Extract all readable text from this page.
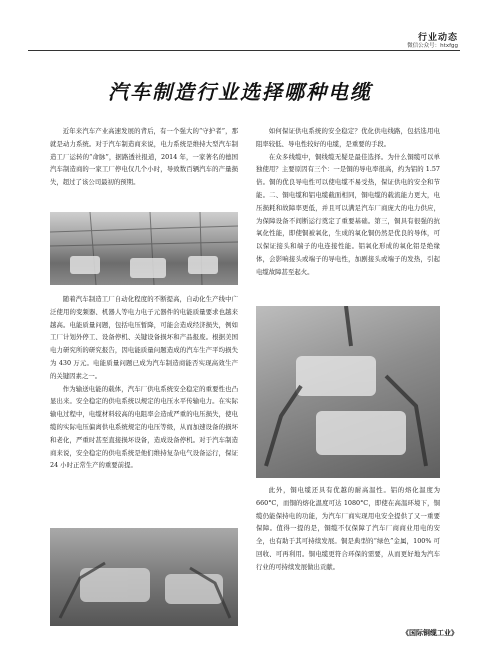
行业动态
微信公众号：htxfgg
汽车制造行业选择哪种电缆

近年来汽车产业高速发展的背后，有一个强大的“守护者”，那就是动力系统。对于汽车制造商来说，电力系统是维持大型汽车制造工厂运转的“命脉”，据路透社报道，2014 年，一家著名的德国汽车制造商的一家工厂停电仅几个小时，导致数百辆汽车的产量损失，超过了该公司最初的预期。

随着汽车制造工厂自动化程度的不断提高，自动化生产线中广泛使用的变频器、机器人等电力电子元器件的电能质量要求也越来越高。电能质量问题，包括电压暂降，可能会造成经济损失，例如工厂计划外停工、设备停机、关键设备损坏和产品报废。根据美国电力研究所的研究报告，因电能质量问题造成的汽车生产平均损失为 430 万元。电能质量问题已成为汽车制造商能否实现高效生产的关键因素之一。

作为输送电能的载体，汽车厂供电系统安全稳定的重要性也凸显出来。安全稳定的供电系统以规定的电压水平传输电力。在实际输电过程中，电缆材料较高的电阻率会造成严重的电压损失，使电缆的实际电压偏离供电系统规定的电压等级，从而加速设备的损坏和老化，严重时甚至直接损坏设备，造成设备停机。对于汽车制造商来说，安全稳定的供电系统是他们维持复杂电气设备运行，保证 24 小时正常生产的重要前提。

如何保证供电系统的安全稳定？优化供电线路，包括选用电阻率较低、导电性较好的电缆，是重要的手段。

在众多线缆中，铜线缆无疑是最佳选择。为什么铜缆可以单独使用？主要原因有三个：一是铜的导电率很高，约为铝的 1.57 倍。铜的优良导电性可以使电缆不易受热，保证供电的安全和节能。二、铜电缆和铝电缆截面相同，铜电缆的载流能力更大，电压损耗和故障率更低，并且可以满足汽车厂商庞大的电力供应，为保障设备不间断运行奠定了重要基础。第三，铜具有很强的抗氧化性能，即使铜被氧化，生成的氧化铜仍然是优良的导体，可以保证接头和端子的电连接性能。铝氧化形成的氧化铝是绝缘体，会影响接头或端子的导电性，加剧接头或端子的发热，引起电缆故障甚至起火。

此外，铜电缆还具有优越的耐高温性。铝的熔化温度为 660°C，而铜的熔化温度可达 1080°C，即使在高温环境下，铜缆仍能保持电的功能，为汽车厂商实现用电安全提供了又一重要保障。值得一提的是，铜缆不仅保障了汽车厂商商业用电的安全，也有助于其可持续发展。铜是典型的“绿色”金属，100% 可回收、可再利用。铜电缆更符合环保的需要，从而更好地为汽车行业的可持续发展做出贡献。

《国际铜缆工业》
